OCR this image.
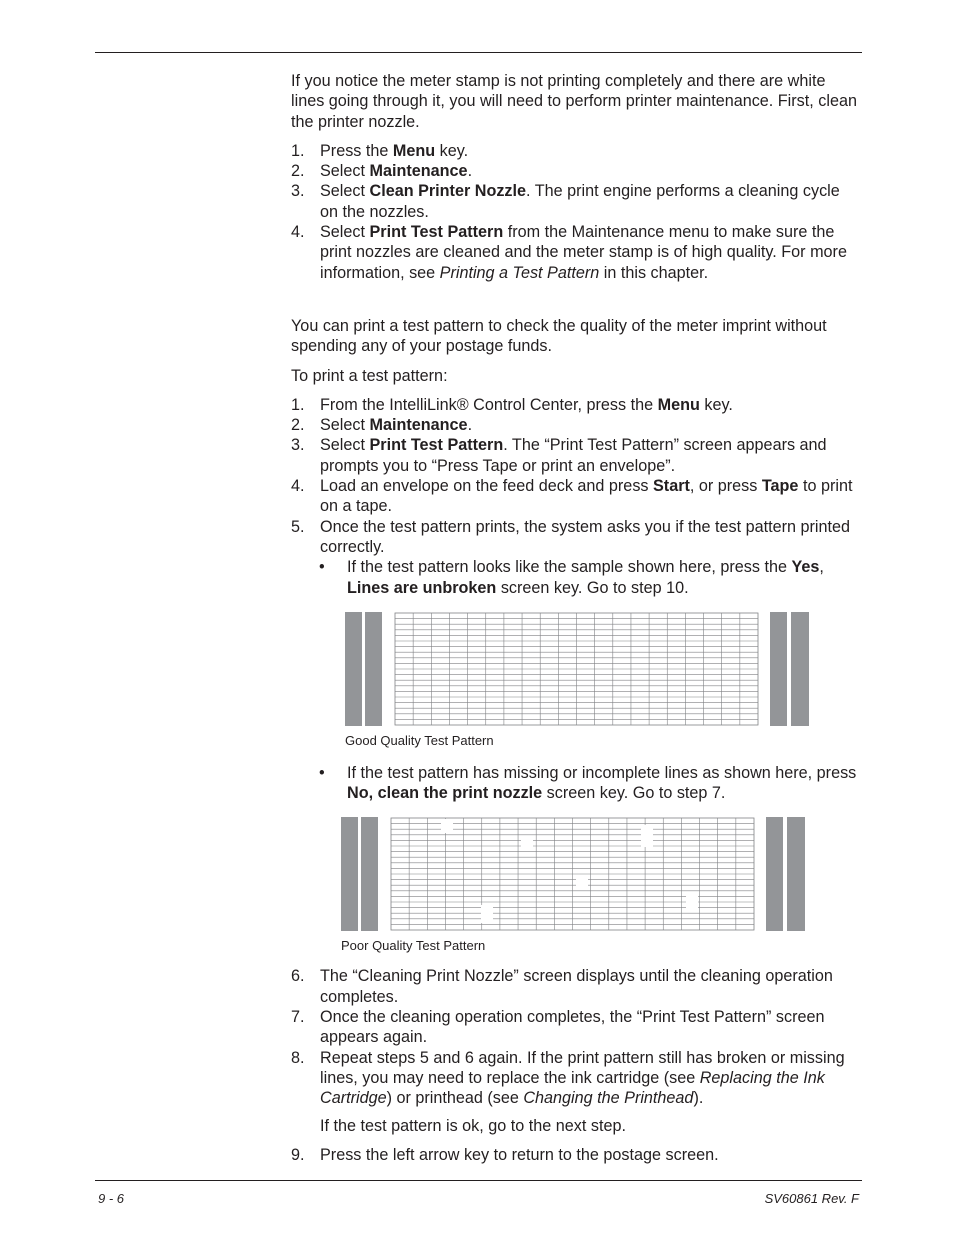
If you notice the meter stamp is not printing completely and there are white lines going through it, you will need to perform printer maintenance. First, clean the printer nozzle.

1. Press the Menu key.
2. Select Maintenance.
3. Select Clean Printer Nozzle. The print engine performs a cleaning cycle on the nozzles.
4. Select Print Test Pattern from the Maintenance menu to make sure the print nozzles are cleaned and the meter stamp is of high quality. For more information, see Printing a Test Pattern in this chapter.

You can print a test pattern to check the quality of the meter imprint without spending any of your postage funds.

To print a test pattern:

1. From the IntelliLink® Control Center, press the Menu key.
2. Select Maintenance.
3. Select Print Test Pattern. The “Print Test Pattern” screen appears and prompts you to “Press Tape or print an envelope”.
4. Load an envelope on the feed deck and press Start, or press Tape to print on a tape.
5. Once the test pattern prints, the system asks you if the test pattern printed correctly.
• If the test pattern looks like the sample shown here, press the Yes, Lines are unbroken screen key. Go to step 10.
Good Quality Test Pattern
• If the test pattern has missing or incomplete lines as shown here, press No, clean the print nozzle screen key. Go to step 7.
Poor Quality Test Pattern
6. The “Cleaning Print Nozzle” screen displays until the cleaning operation completes.
7. Once the cleaning operation completes, the “Print Test Pattern” screen appears again.
8. Repeat steps 5 and 6 again. If the print pattern still has broken or missing lines, you may need to replace the ink cartridge (see Replacing the Ink Cartridge) or printhead (see Changing the Printhead).

If the test pattern is ok, go to the next step.

9. Press the left arrow key to return to the postage screen.
9 - 6	SV60861 Rev. F
